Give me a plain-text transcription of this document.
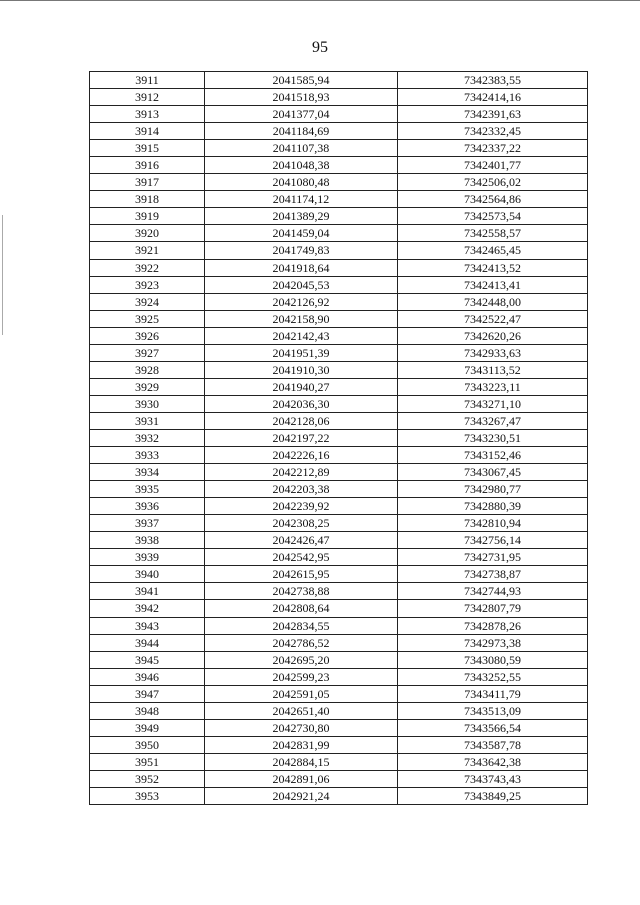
95
3911	2041585,94	7342383,55
3912	2041518,93	7342414,16
3913	2041377,04	7342391,63
3914	2041184,69	7342332,45
3915	2041107,38	7342337,22
3916	2041048,38	7342401,77
3917	2041080,48	7342506,02
3918	2041174,12	7342564,86
3919	2041389,29	7342573,54
3920	2041459,04	7342558,57
3921	2041749,83	7342465,45
3922	2041918,64	7342413,52
3923	2042045,53	7342413,41
3924	2042126,92	7342448,00
3925	2042158,90	7342522,47
3926	2042142,43	7342620,26
3927	2041951,39	7342933,63
3928	2041910,30	7343113,52
3929	2041940,27	7343223,11
3930	2042036,30	7343271,10
3931	2042128,06	7343267,47
3932	2042197,22	7343230,51
3933	2042226,16	7343152,46
3934	2042212,89	7343067,45
3935	2042203,38	7342980,77
3936	2042239,92	7342880,39
3937	2042308,25	7342810,94
3938	2042426,47	7342756,14
3939	2042542,95	7342731,95
3940	2042615,95	7342738,87
3941	2042738,88	7342744,93
3942	2042808,64	7342807,79
3943	2042834,55	7342878,26
3944	2042786,52	7342973,38
3945	2042695,20	7343080,59
3946	2042599,23	7343252,55
3947	2042591,05	7343411,79
3948	2042651,40	7343513,09
3949	2042730,80	7343566,54
3950	2042831,99	7343587,78
3951	2042884,15	7343642,38
3952	2042891,06	7343743,43
3953	2042921,24	7343849,25
